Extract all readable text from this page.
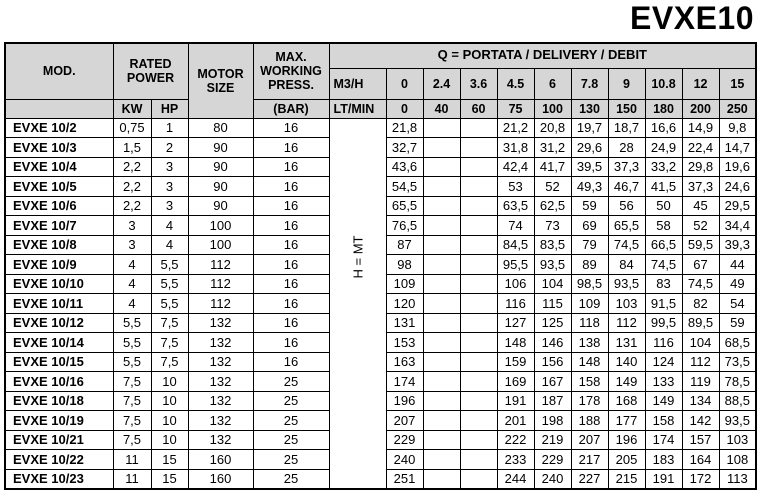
EVXE10
MOD.	RATED POWER		MOTOR SIZE	MAX. WORKING PRESS.	Q = PORTATA / DELIVERY / DEBIT										
					M3/H	0	2.4	3.6	4.5	6	7.8	9	10.8	12	15
	KW	HP		(BAR)	LT/MIN	0	40	60	75	100	130	150	180	200	250
EVXE 10/2	0,75	1	80	16	H = MT	21,8			21,2	20,8	19,7	18,7	16,6	14,9	9,8
EVXE 10/3	1,5	2	90	16		32,7			31,8	31,2	29,6	28	24,9	22,4	14,7
EVXE 10/4	2,2	3	90	16		43,6			42,4	41,7	39,5	37,3	33,2	29,8	19,6
EVXE 10/5	2,2	3	90	16		54,5			53	52	49,3	46,7	41,5	37,3	24,6
EVXE 10/6	2,2	3	90	16		65,5			63,5	62,5	59	56	50	45	29,5
EVXE 10/7	3	4	100	16		76,5			74	73	69	65,5	58	52	34,4
EVXE 10/8	3	4	100	16		87			84,5	83,5	79	74,5	66,5	59,5	39,3
EVXE 10/9	4	5,5	112	16		98			95,5	93,5	89	84	74,5	67	44
EVXE 10/10	4	5,5	112	16		109			106	104	98,5	93,5	83	74,5	49
EVXE 10/11	4	5,5	112	16		120			116	115	109	103	91,5	82	54
EVXE 10/12	5,5	7,5	132	16		131			127	125	118	112	99,5	89,5	59
EVXE 10/14	5,5	7,5	132	16		153			148	146	138	131	116	104	68,5
EVXE 10/15	5,5	7,5	132	16		163			159	156	148	140	124	112	73,5
EVXE 10/16	7,5	10	132	25		174			169	167	158	149	133	119	78,5
EVXE 10/18	7,5	10	132	25		196			191	187	178	168	149	134	88,5
EVXE 10/19	7,5	10	132	25		207			201	198	188	177	158	142	93,5
EVXE 10/21	7,5	10	132	25		229			222	219	207	196	174	157	103
EVXE 10/22	11	15	160	25		240			233	229	217	205	183	164	108
EVXE 10/23	11	15	160	25		251			244	240	227	215	191	172	113
